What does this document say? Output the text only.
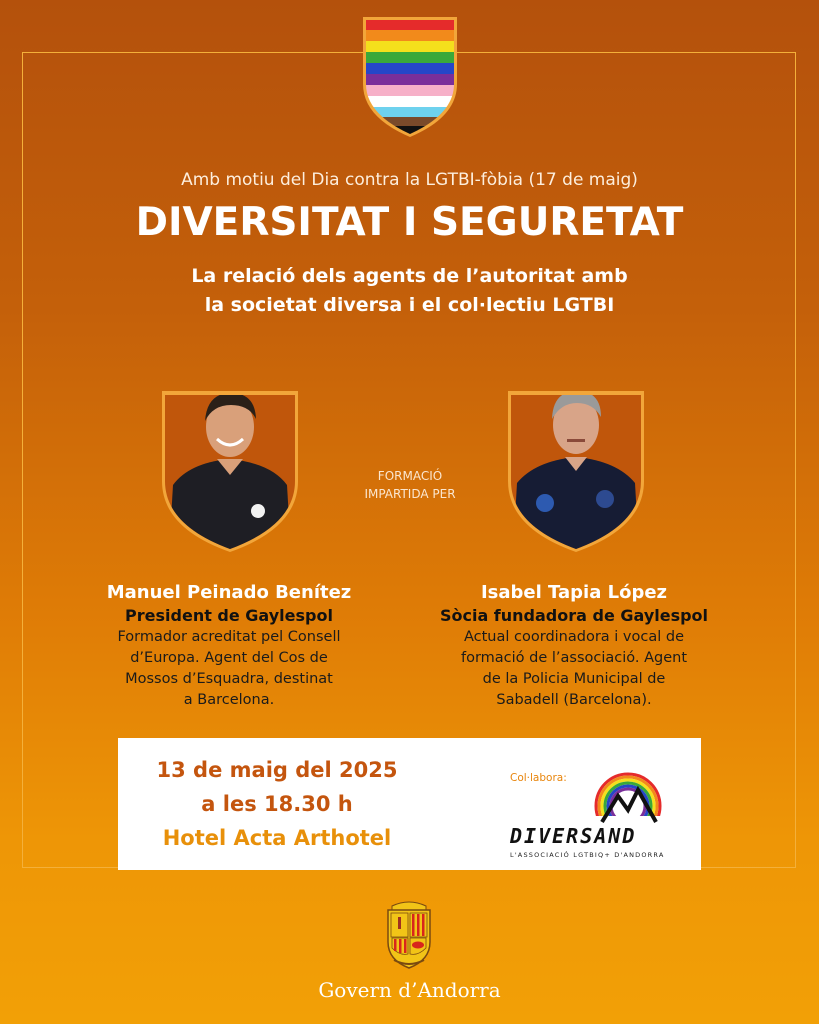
Amb motiu del Dia contra la LGTBI-fòbia (17 de maig)
DIVERSITAT I SEGURETAT
La relació dels agents de l’autoritat amb
la societat diversa i el col·lectiu LGTBI
FORMACIÓ
IMPARTIDA PER
Manuel Peinado Benítez
President de Gaylespol
Formador acreditat pel Consell
d’Europa. Agent del Cos de
Mossos d’Esquadra, destinat
a Barcelona.
Isabel Tapia López
Sòcia fundadora de Gaylespol
Actual coordinadora i vocal de
formació de l’associació. Agent
de la Policia Municipal de
Sabadell (Barcelona).
13 de maig del 2025
a les 18.30 h
Hotel Acta Arthotel
Col·labora:
DIVERSAND
L'ASSOCIACIÓ LGTBIQ+ D'ANDORRA
Govern d’Andorra
